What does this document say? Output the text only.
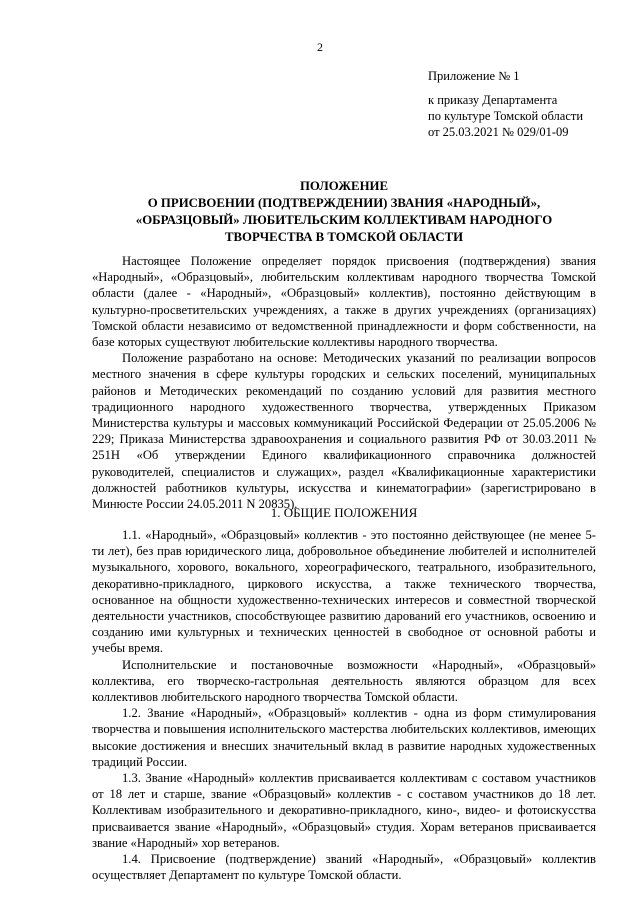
2
Приложение № 1
к приказу Департамента
по культуре Томской области
от 25.03.2021 № 029/01-09
ПОЛОЖЕНИЕ
О ПРИСВОЕНИИ (ПОДТВЕРЖДЕНИИ) ЗВАНИЯ «НАРОДНЫЙ»,
«ОБРАЗЦОВЫЙ» ЛЮБИТЕЛЬСКИМ КОЛЛЕКТИВАМ НАРОДНОГО
ТВОРЧЕСТВА В ТОМСКОЙ ОБЛАСТИ

Настоящее Положение определяет порядок присвоения (подтверждения) звания «Народный», «Образцовый», любительским коллективам народного творчества Томской области (далее - «Народный», «Образцовый» коллектив), постоянно действующим в культурно-просветительских учреждениях, а также в других учреждениях (организациях) Томской области независимо от ведомственной принадлежности и форм собственности, на базе которых существуют любительские коллективы народного творчества.

Положение разработано на основе: Методических указаний по реализации вопросов местного значения в сфере культуры городских и сельских поселений, муниципальных районов и Методических рекомендаций по созданию условий для развития местного традиционного народного художественного творчества, утвержденных Приказом Министерства культуры и массовых коммуникаций Российской Федерации от 25.05.2006 № 229; Приказа Министерства здравоохранения и социального развития РФ от 30.03.2011 № 251Н «Об утверждении Единого квалификационного справочника должностей руководителей, специалистов и служащих», раздел «Квалификационные характеристики должностей работников культуры, искусства и кинематографии» (зарегистрировано в Минюсте России 24.05.2011 N 20835).

1. ОБЩИЕ ПОЛОЖЕНИЯ

1.1. «Народный», «Образцовый» коллектив - это постоянно действующее (не менее 5-ти лет), без прав юридического лица, добровольное объединение любителей и исполнителей музыкального, хорового, вокального, хореографического, театрального, изобразительного, декоративно-прикладного, циркового искусства, а также технического творчества, основанное на общности художественно-технических интересов и совместной творческой деятельности участников, способствующее развитию дарований его участников, освоению и созданию ими культурных и технических ценностей в свободное от основной работы и учебы время.

Исполнительские и постановочные возможности «Народный», «Образцовый» коллектива, его творческо-гастрольная деятельность являются образцом для всех коллективов любительского народного творчества Томской области.

1.2. Звание «Народный», «Образцовый» коллектив - одна из форм стимулирования творчества и повышения исполнительского мастерства любительских коллективов, имеющих высокие достижения и внесших значительный вклад в развитие народных художественных традиций России.

1.3. Звание «Народный» коллектив присваивается коллективам с составом участников от 18 лет и старше, звание «Образцовый» коллектив - с составом участников до 18 лет. Коллективам изобразительного и декоративно-прикладного, кино-, видео- и фотоискусства присваивается звание «Народный», «Образцовый» студия. Хорам ветеранов присваивается звание «Народный» хор ветеранов.

1.4. Присвоение (подтверждение) званий «Народный», «Образцовый» коллектив осуществляет Департамент по культуре Томской области.
